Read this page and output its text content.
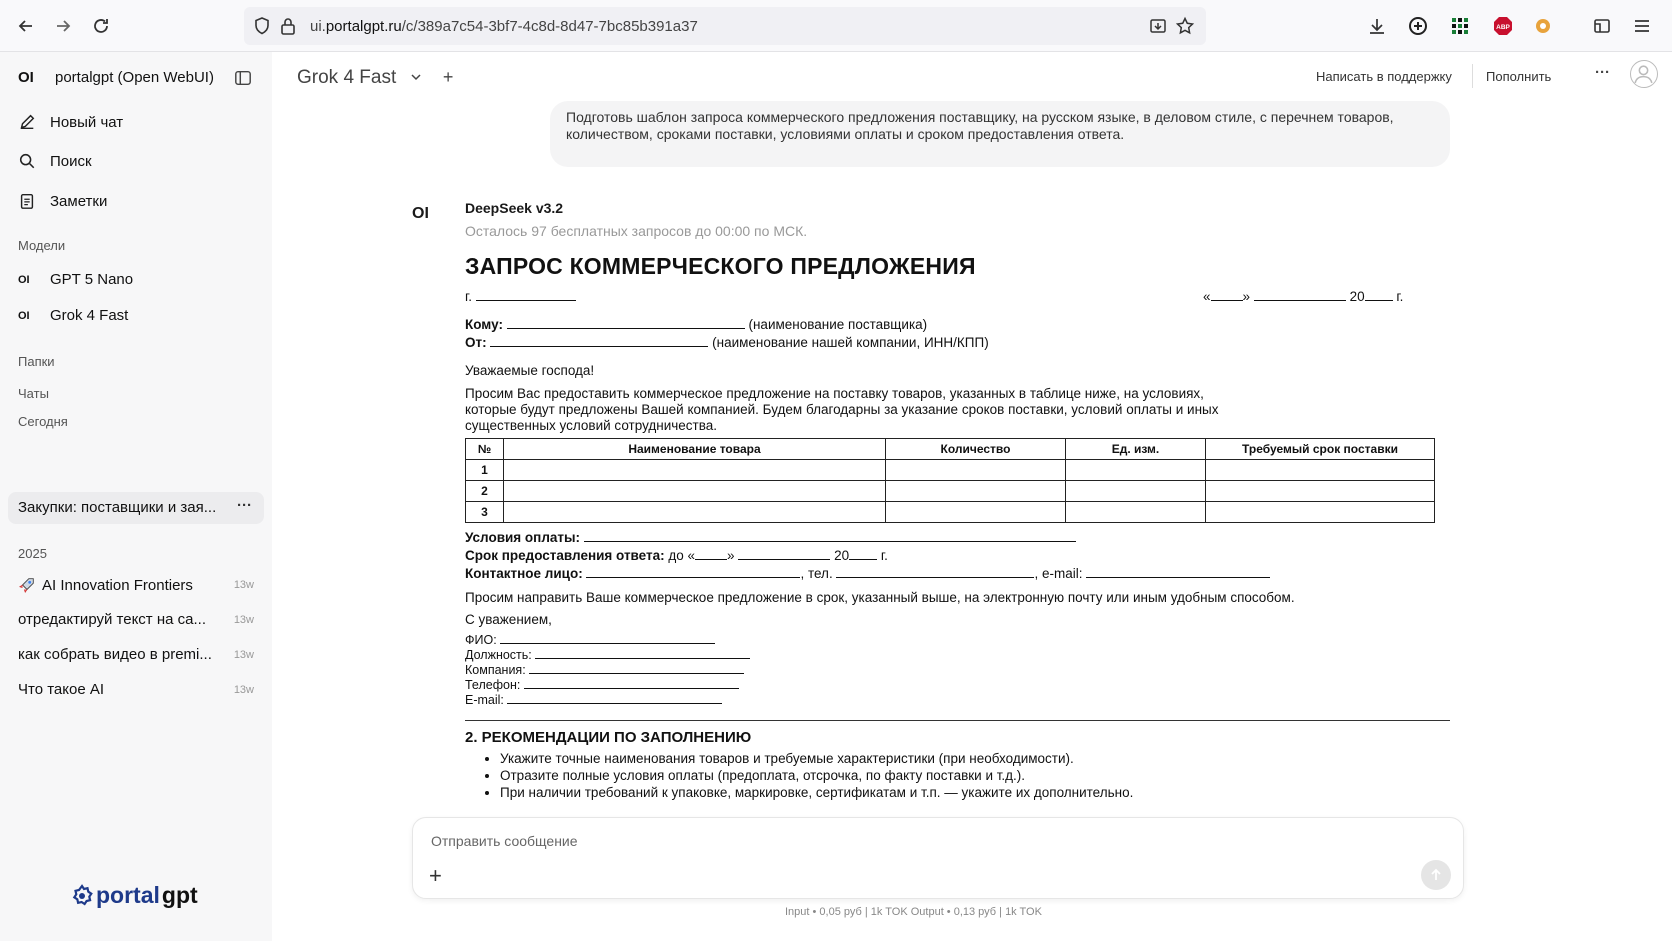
ui.portalgpt.ru/c/389a7c54-3bf7-4c8d-8d47-7bc85b391a37	ABP
OI portalgpt (Open WebUI)
Новый чат
Поиск
Заметки
Модели
OI	GPT 5 Nano
OI	Grok 4 Fast
Папки
Чаты
Сегодня
Закупки: поставщики и зая... ···
2025
AI Innovation Frontiers	13w
отредактируй текст на са...	13w
как собрать видео в premi... 13w
Что такое AI	13w
portal gpt
Grok 4 Fast	+	Написать в поддержку	Пополнить	···
Подготовь шаблон запроса коммерческого предложения поставщику, на русском языке, в деловом стиле, с перечнем товаров, количеством, сроками поставки, условиями оплаты и сроком предоставления ответа.
OI	DeepSeek v3.2
Осталось 97 бесплатных запросов до 00:00 по МСК.
ЗАПРОС КОММЕРЧЕСКОГО ПРЕДЛОЖЕНИЯ
г.	« »	20 г.
Кому:	(наименование поставщика)
От:	(наименование нашей компании, ИНН/КПП)
Уважаемые господа!
Просим Вас предоставить коммерческое предложение на поставку товаров, указанных в таблице ниже, на условиях,
которые будут предложены Вашей компанией. Будем благодарны за указание сроков поставки, условий оплаты и иных
существенных условий сотрудничества.
№	Наименование товара	Количество	Ед. изм.	Требуемый срок поставки
1				
2				
3				
Условия оплаты:
Срок предоставления ответа: до « »	20 г.
Контактное лицо:	, тел.	, e-mail:
Просим направить Ваше коммерческое предложение в срок, указанный выше, на электронную почту или иным удобным способом.
С уважением,
ФИО:
Должность:
Компания:
Телефон:
E-mail:
2. РЕКОМЕНДАЦИИ ПО ЗАПОЛНЕНИЮ
• Укажите точные наименования товаров и требуемые характеристики (при необходимости).
• Отразите полные условия оплаты (предоплата, отсрочка, по факту поставки и т.д.).
• При наличии требований к упаковке, маркировке, сертификатам и т.п. — укажите их дополнительно.
Отправить сообщение
+
Input • 0,05 руб | 1k TOK Output • 0,13 руб | 1k TOK
